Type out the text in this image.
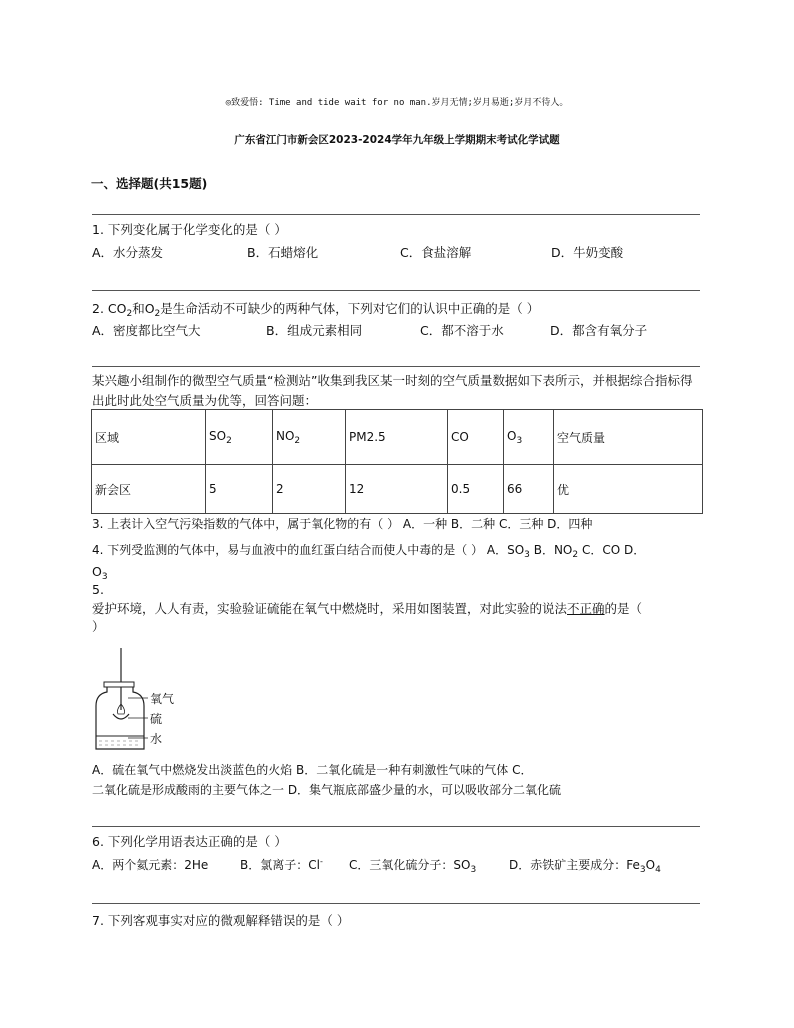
◎致爱悟: Time and tide wait for no man.岁月无情;岁月易逝;岁月不待人。
广东省江门市新会区2023-2024学年九年级上学期期末考试化学试题
一、选择题(共15题)
1. 下列变化属于化学变化的是（ ）
A．水分蒸发	B．石蜡熔化	C．食盐溶解	D．牛奶变酸
2. $CO_2$和$O_2$是生命活动不可缺少的两种气体，下列对它们的认识中正确的是（ ）
A．密度都比空气大	B．组成元素相同	C．都不溶于水	D．都含有氧分子
某兴趣小组制作的微型空气质量“检测站”收集到我区某一时刻的空气质量数据如下表所示，并根据综合指标得出此时此处空气质量为优等，回答问题：
区域	$SO_2$	$NO_2$	PM2.5	CO	$O_3$	空气质量
新会区	5	2	12	0.5	66	优
3. 上表计入空气污染指数的气体中，属于氧化物的有（ ） A．一种 B．二种 C．三种 D．四种
4. 下列受监测的气体中，易与血液中的血红蛋白结合而使人中毒的是（ ） A．$SO_3$ B．$NO_2$ C．CO D．
$O_3$
5.
爱护环境，人人有责，实验验证硫能在氧气中燃烧时，采用如图装置，对此实验的说法不正确的是（
）
氧气
硫
水
A．硫在氧气中燃烧发出淡蓝色的火焰 B．二氧化硫是一种有刺激性气味的气体 C．
二氧化硫是形成酸雨的主要气体之一 D．集气瓶底部盛少量的水，可以吸收部分二氧化硫
6. 下列化学用语表达正确的是（ ）
A．两个氦元素：2He	B．氯离子：Cl- C．三氧化硫分子：$SO_3$	D．赤铁矿主要成分：$Fe_3O_4$
7. 下列客观事实对应的微观解释错误的是（ ）
